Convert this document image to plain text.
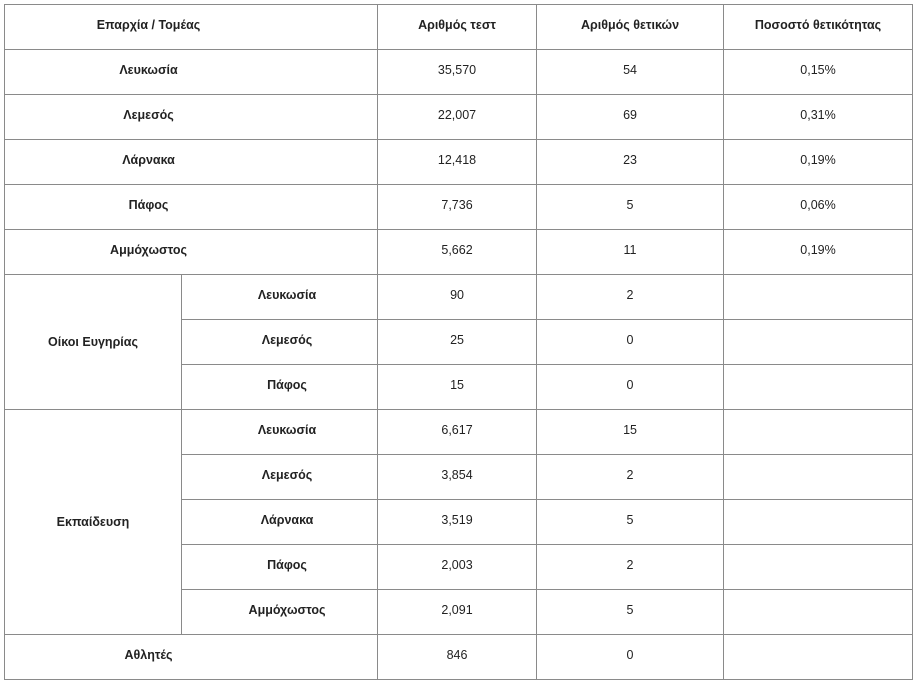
Επαρχία / Τομέας		Αριθμός τεστ	Αριθμός θετικών	Ποσοστό θετικότητας

Λευκωσία		35,570	54	0,15%

Λεμεσός		22,007	69	0,31%

Λάρνακα		12,418	23	0,19%

Πάφος		7,736	5	0,06%

Αμμόχωστος		5,662	11	0,19%

Οίκοι Ευγηρίας	Λευκωσία	90	2	

	Λεμεσός	25	0	

	Πάφος	15	0	

Εκπαίδευση	Λευκωσία	6,617	15	

	Λεμεσός	3,854	2	

	Λάρνακα	3,519	5	

	Πάφος	2,003	2	

	Αμμόχωστος	2,091	5	

Αθλητές		846	0	
